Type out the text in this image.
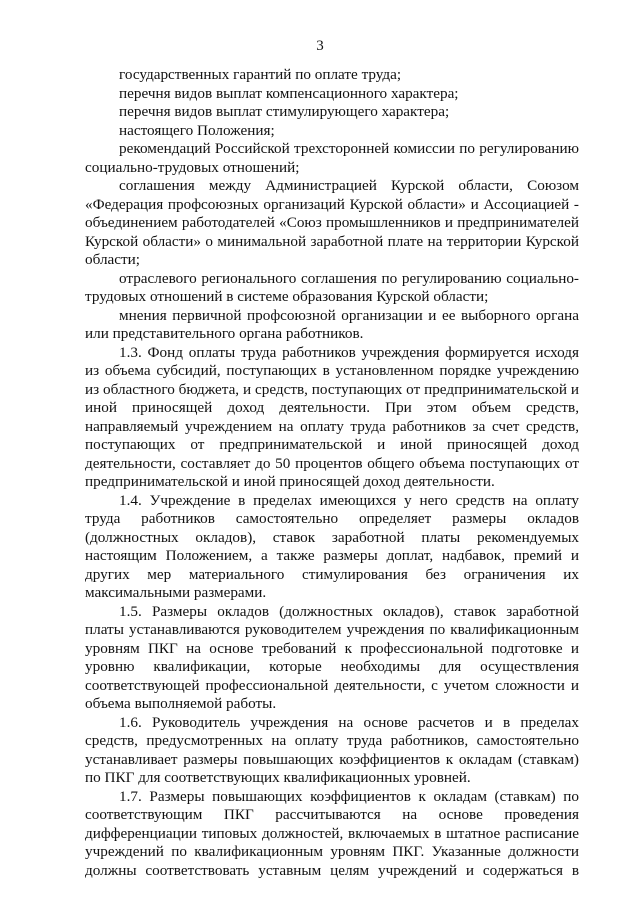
3

государственных гарантий по оплате труда;

перечня видов выплат компенсационного характера;

перечня видов выплат стимулирующего характера;

настоящего Положения;

рекомендаций Российской трехсторонней комиссии по регулированию социально-трудовых отношений;

соглашения между Администрацией Курской области, Союзом «Федерация профсоюзных организаций Курской области» и Ассоциацией - объединением работодателей «Союз промышленников и предпринимателей Курской области» о минимальной заработной плате на территории Курской области;

отраслевого регионального соглашения по регулированию социально-трудовых отношений в системе образования Курской области;

мнения первичной профсоюзной организации и ее выборного органа или представительного органа работников.

1.3. Фонд оплаты труда работников учреждения формируется исходя из объема субсидий, поступающих в установленном порядке учреждению из областного бюджета, и средств, поступающих от предпринимательской и иной приносящей доход деятельности. При этом объем средств, направляемый учреждением на оплату труда работников за счет средств, поступающих от предпринимательской и иной приносящей доход деятельности, составляет до 50 процентов общего объема поступающих от предпринимательской и иной приносящей доход деятельности.

1.4. Учреждение в пределах имеющихся у него средств на оплату труда работников самостоятельно определяет размеры окладов (должностных окладов), ставок заработной платы рекомендуемых настоящим Положением, а также размеры доплат, надбавок, премий и других мер материального стимулирования без ограничения их максимальными размерами.

1.5. Размеры окладов (должностных окладов), ставок заработной платы устанавливаются руководителем учреждения по квалификационным уровням ПКГ на основе требований к профессиональной подготовке и уровню квалификации, которые необходимы для осуществления соответствующей профессиональной деятельности, с учетом сложности и объема выполняемой работы.

1.6. Руководитель учреждения на основе расчетов и в пределах средств, предусмотренных на оплату труда работников, самостоятельно устанавливает размеры повышающих коэффициентов к окладам (ставкам) по ПКГ для соответствующих квалификационных уровней.

1.7. Размеры повышающих коэффициентов к окладам (ставкам) по соответствующим ПКГ рассчитываются на основе проведения дифференциации типовых должностей, включаемых в штатное расписание учреждений по квалификационным уровням ПКГ. Указанные должности должны соответствовать уставным целям учреждений и содержаться в
